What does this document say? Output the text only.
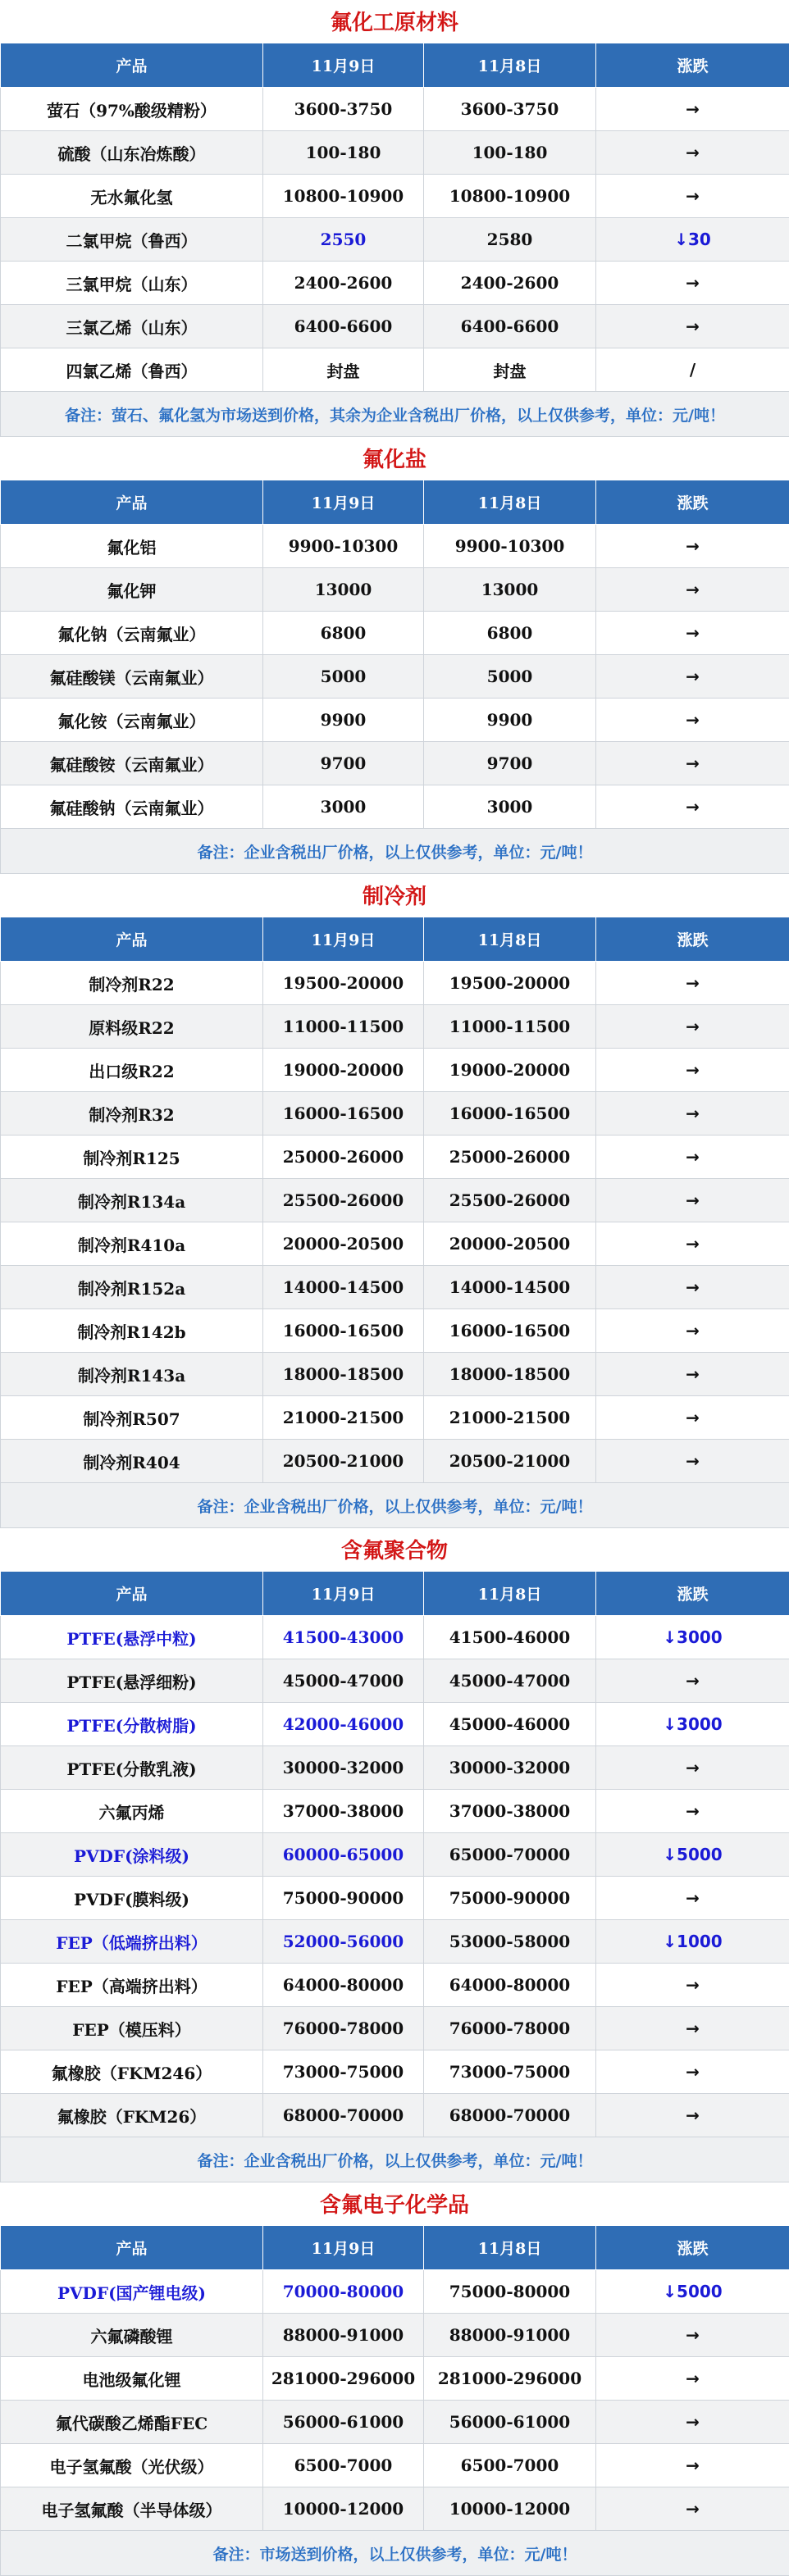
氟化工原材料
产品	11月9日	11月8日	涨跌
萤石（97%酸级精粉）	3600-3750	3600-3750	→
硫酸（山东冶炼酸）	100-180	100-180	→
无水氟化氢	10800-10900	10800-10900	→
二氯甲烷（鲁西）	2550	2580	↓30
三氯甲烷（山东）	2400-2600	2400-2600	→
三氯乙烯（山东）	6400-6600	6400-6600	→
四氯乙烯（鲁西）	封盘	封盘	/
备注：萤石、氟化氢为市场送到价格，其余为企业含税出厂价格，以上仅供参考，单位：元/吨！			
氟化盐
产品	11月9日	11月8日	涨跌
氟化铝	9900-10300	9900-10300	→
氟化钾	13000	13000	→
氟化钠（云南氟业）	6800	6800	→
氟硅酸镁（云南氟业）	5000	5000	→
氟化铵（云南氟业）	9900	9900	→
氟硅酸铵（云南氟业）	9700	9700	→
氟硅酸钠（云南氟业）	3000	3000	→
备注：企业含税出厂价格，以上仅供参考，单位：元/吨！			
制冷剂
产品	11月9日	11月8日	涨跌
制冷剂R22	19500-20000	19500-20000	→
原料级R22	11000-11500	11000-11500	→
出口级R22	19000-20000	19000-20000	→
制冷剂R32	16000-16500	16000-16500	→
制冷剂R125	25000-26000	25000-26000	→
制冷剂R134a	25500-26000	25500-26000	→
制冷剂R410a	20000-20500	20000-20500	→
制冷剂R152a	14000-14500	14000-14500	→
制冷剂R142b	16000-16500	16000-16500	→
制冷剂R143a	18000-18500	18000-18500	→
制冷剂R507	21000-21500	21000-21500	→
制冷剂R404	20500-21000	20500-21000	→
备注：企业含税出厂价格，以上仅供参考，单位：元/吨！			
含氟聚合物
产品	11月9日	11月8日	涨跌
PTFE(悬浮中粒)	41500-43000	41500-46000	↓3000
PTFE(悬浮细粉)	45000-47000	45000-47000	→
PTFE(分散树脂)	42000-46000	45000-46000	↓3000
PTFE(分散乳液)	30000-32000	30000-32000	→
六氟丙烯	37000-38000	37000-38000	→
PVDF(涂料级)	60000-65000	65000-70000	↓5000
PVDF(膜料级)	75000-90000	75000-90000	→
FEP（低端挤出料）	52000-56000	53000-58000	↓1000
FEP（高端挤出料）	64000-80000	64000-80000	→
FEP（模压料）	76000-78000	76000-78000	→
氟橡胶（FKM246）	73000-75000	73000-75000	→
氟橡胶（FKM26）	68000-70000	68000-70000	→
备注：企业含税出厂价格，以上仅供参考，单位：元/吨！			
含氟电子化学品
产品	11月9日	11月8日	涨跌
PVDF(国产锂电级)	70000-80000	75000-80000	↓5000
六氟磷酸锂	88000-91000	88000-91000	→
电池级氟化锂	281000-296000	281000-296000	→
氟代碳酸乙烯酯FEC	56000-61000	56000-61000	→
电子氢氟酸（光伏级）	6500-7000	6500-7000	→
电子氢氟酸（半导体级）	10000-12000	10000-12000	→
备注：市场送到价格，以上仅供参考，单位：元/吨！			
